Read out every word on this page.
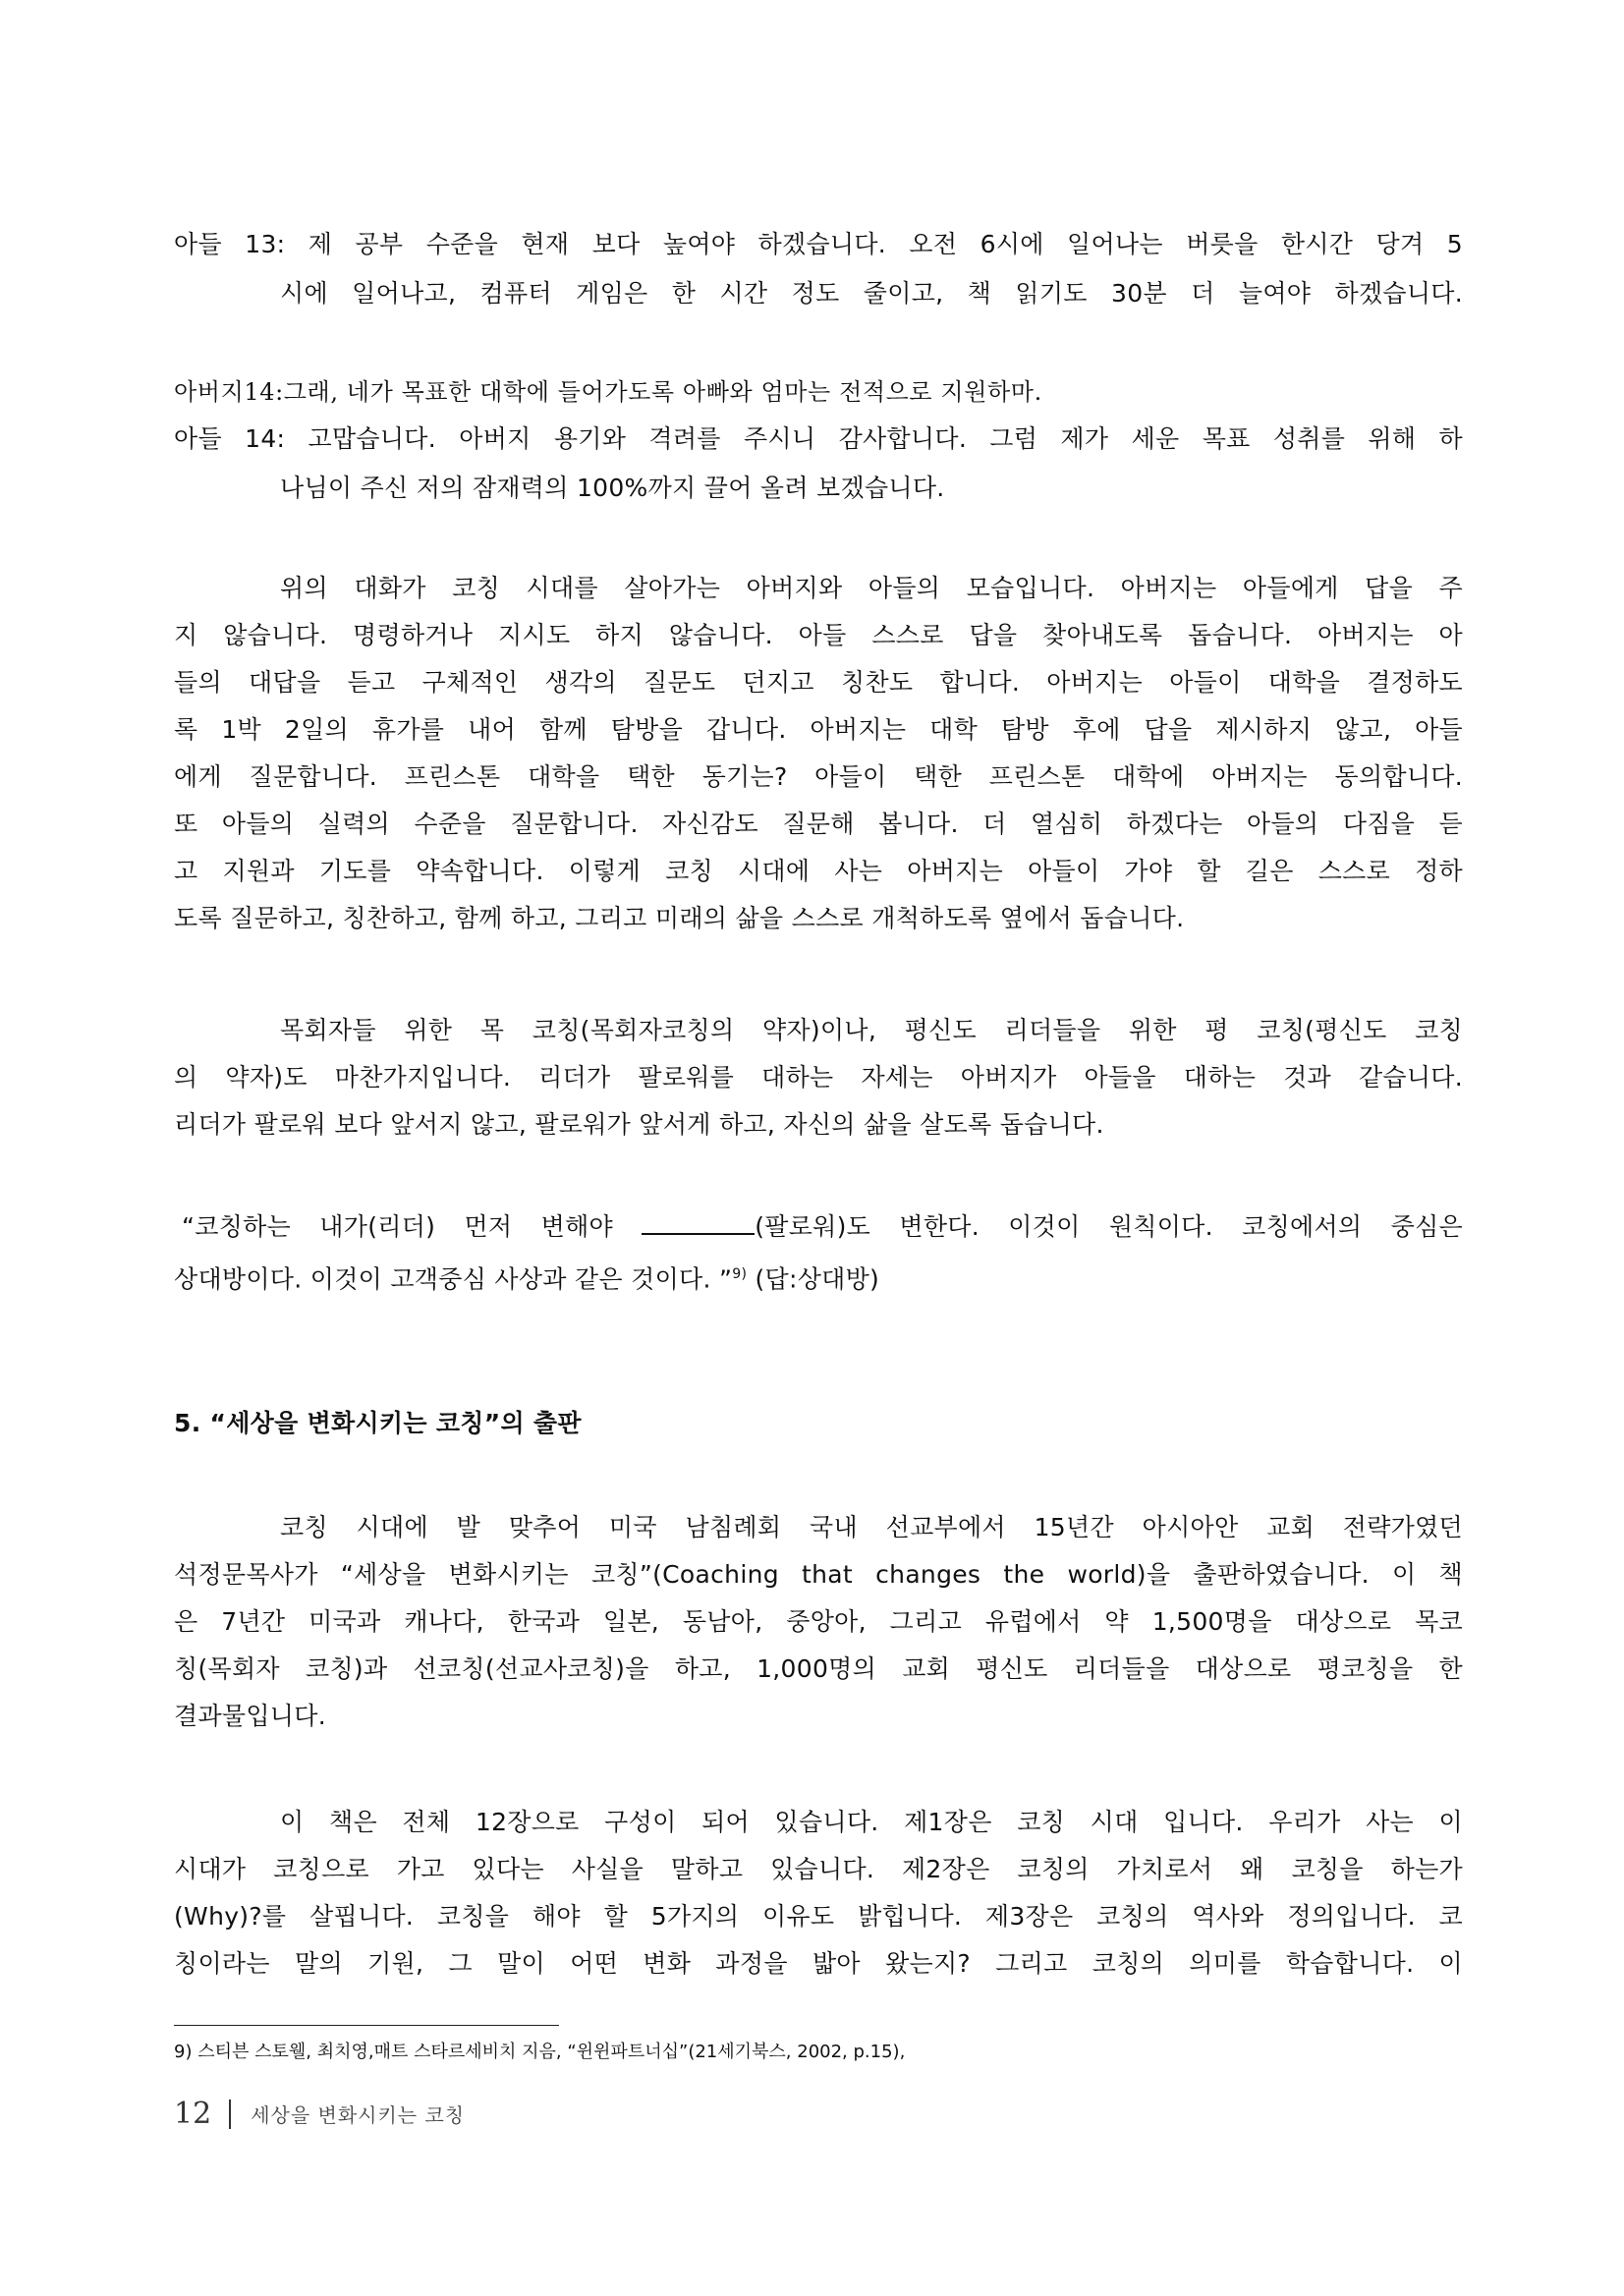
아들 13: 제 공부 수준을 현재 보다 높여야 하겠습니다. 오전 6시에 일어나는 버릇을 한시간 당겨 5
시에 일어나고, 컴퓨터 게임은 한 시간 정도 줄이고, 책 읽기도 30분 더 늘여야 하겠습니다.
아버지14:그래, 네가 목표한 대학에 들어가도록 아빠와 엄마는 전적으로 지원하마.
아들 14: 고맙습니다. 아버지 용기와 격려를 주시니 감사합니다. 그럼 제가 세운 목표 성취를 위해 하
나님이 주신 저의 잠재력의 100%까지 끌어 올려 보겠습니다.
위의 대화가 코칭 시대를 살아가는 아버지와 아들의 모습입니다. 아버지는 아들에게 답을 주
지 않습니다. 명령하거나 지시도 하지 않습니다. 아들 스스로 답을 찾아내도록 돕습니다. 아버지는 아
들의 대답을 듣고 구체적인 생각의 질문도 던지고 칭찬도 합니다. 아버지는 아들이 대학을 결정하도
록 1박 2일의 휴가를 내어 함께 탐방을 갑니다. 아버지는 대학 탐방 후에 답을 제시하지 않고, 아들
에게 질문합니다. 프린스톤 대학을 택한 동기는? 아들이 택한 프린스톤 대학에 아버지는 동의합니다.
또 아들의 실력의 수준을 질문합니다. 자신감도 질문해 봅니다. 더 열심히 하겠다는 아들의 다짐을 듣
고 지원과 기도를 약속합니다. 이렇게 코칭 시대에 사는 아버지는 아들이 가야 할 길은 스스로 정하
도록 질문하고, 칭찬하고, 함께 하고, 그리고 미래의 삶을 스스로 개척하도록 옆에서 돕습니다.
목회자들 위한 목 코칭(목회자코칭의 약자)이나, 평신도 리더들을 위한 평 코칭(평신도 코칭
의 약자)도 마찬가지입니다. 리더가 팔로워를 대하는 자세는 아버지가 아들을 대하는 것과 같습니다.
리더가 팔로워 보다 앞서지 않고, 팔로워가 앞서게 하고, 자신의 삶을 살도록 돕습니다.
“코칭하는 내가(리더) 먼저 변해야	(팔로워)도 변한다. 이것이 원칙이다. 코칭에서의 중심은
상대방이다. 이것이 고객중심 사상과 같은 것이다. ”$^{9)}$ (답:상대방)
5. “세상을 변화시키는 코칭”의 출판
코칭 시대에 발 맞추어 미국 남침례회 국내 선교부에서 15년간 아시아안 교회 전략가였던
석정문목사가 “세상을 변화시키는 코칭”(Coaching that changes the world)을 출판하였습니다. 이 책
은 7년간 미국과 캐나다, 한국과 일본, 동남아, 중앙아, 그리고 유럽에서 약 1,500명을 대상으로 목코
칭(목회자 코칭)과 선코칭(선교사코칭)을 하고, 1,000명의 교회 평신도 리더들을 대상으로 평코칭을 한
결과물입니다.
이 책은 전체 12장으로 구성이 되어 있습니다. 제1장은 코칭 시대 입니다. 우리가 사는 이
시대가 코칭으로 가고 있다는 사실을 말하고 있습니다. 제2장은 코칭의 가치로서 왜 코칭을 하는가
(Why)?를 살핍니다. 코칭을 해야 할 5가지의 이유도 밝힙니다. 제3장은 코칭의 역사와 정의입니다. 코
칭이라는 말의 기원, 그 말이 어떤 변화 과정을 밟아 왔는지? 그리고 코칭의 의미를 학습합니다. 이
9) 스티븐 스토웰, 최치영,매트 스타르세비치 지음, “윈윈파트너십”(21세기북스, 2002, p.15),
12 세상을 변화시키는 코칭
